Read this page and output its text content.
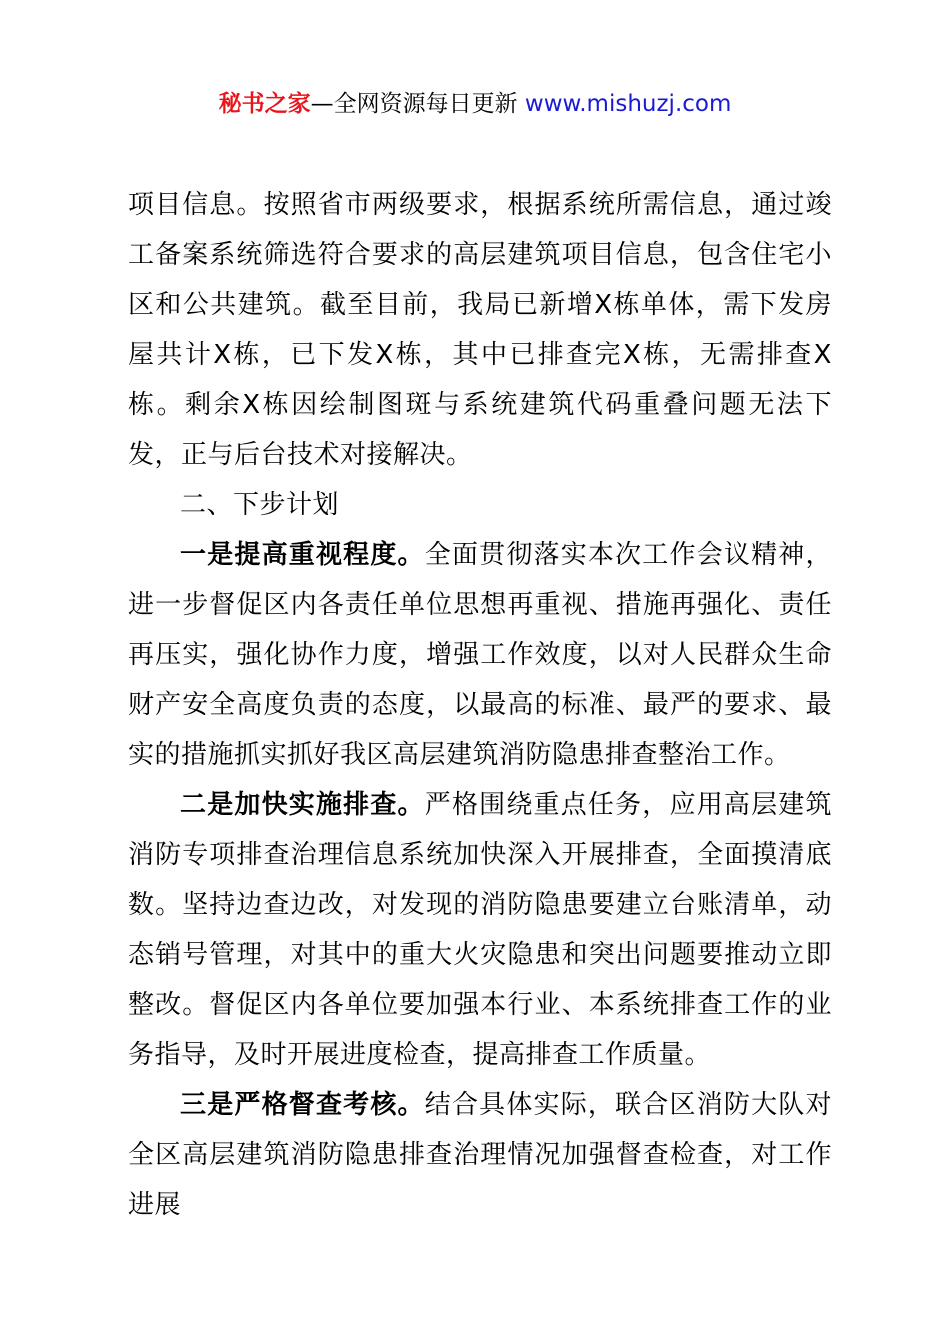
秘书之家—全网资源每日更新 www.mishuzj.com

项目信息。按照省市两级要求，根据系统所需信息，通过竣工备案系统筛选符合要求的高层建筑项目信息，包含住宅小区和公共建筑。截至目前，我局已新增X栋单体，需下发房屋共计X栋，已下发X栋，其中已排查完X栋，无需排查X栋。剩余X栋因绘制图斑与系统建筑代码重叠问题无法下发，正与后台技术对接解决。

二、下步计划

一是提高重视程度。全面贯彻落实本次工作会议精神，进一步督促区内各责任单位思想再重视、措施再强化、责任再压实，强化协作力度，增强工作效度，以对人民群众生命财产安全高度负责的态度，以最高的标准、最严的要求、最实的措施抓实抓好我区高层建筑消防隐患排查整治工作。

二是加快实施排查。严格围绕重点任务，应用高层建筑消防专项排查治理信息系统加快深入开展排查，全面摸清底数。坚持边查边改，对发现的消防隐患要建立台账清单，动态销号管理，对其中的重大火灾隐患和突出问题要推动立即整改。督促区内各单位要加强本行业、本系统排查工作的业务指导，及时开展进度检查，提高排查工作质量。

三是严格督查考核。结合具体实际，联合区消防大队对全区高层建筑消防隐患排查治理情况加强督查检查，对工作进展
